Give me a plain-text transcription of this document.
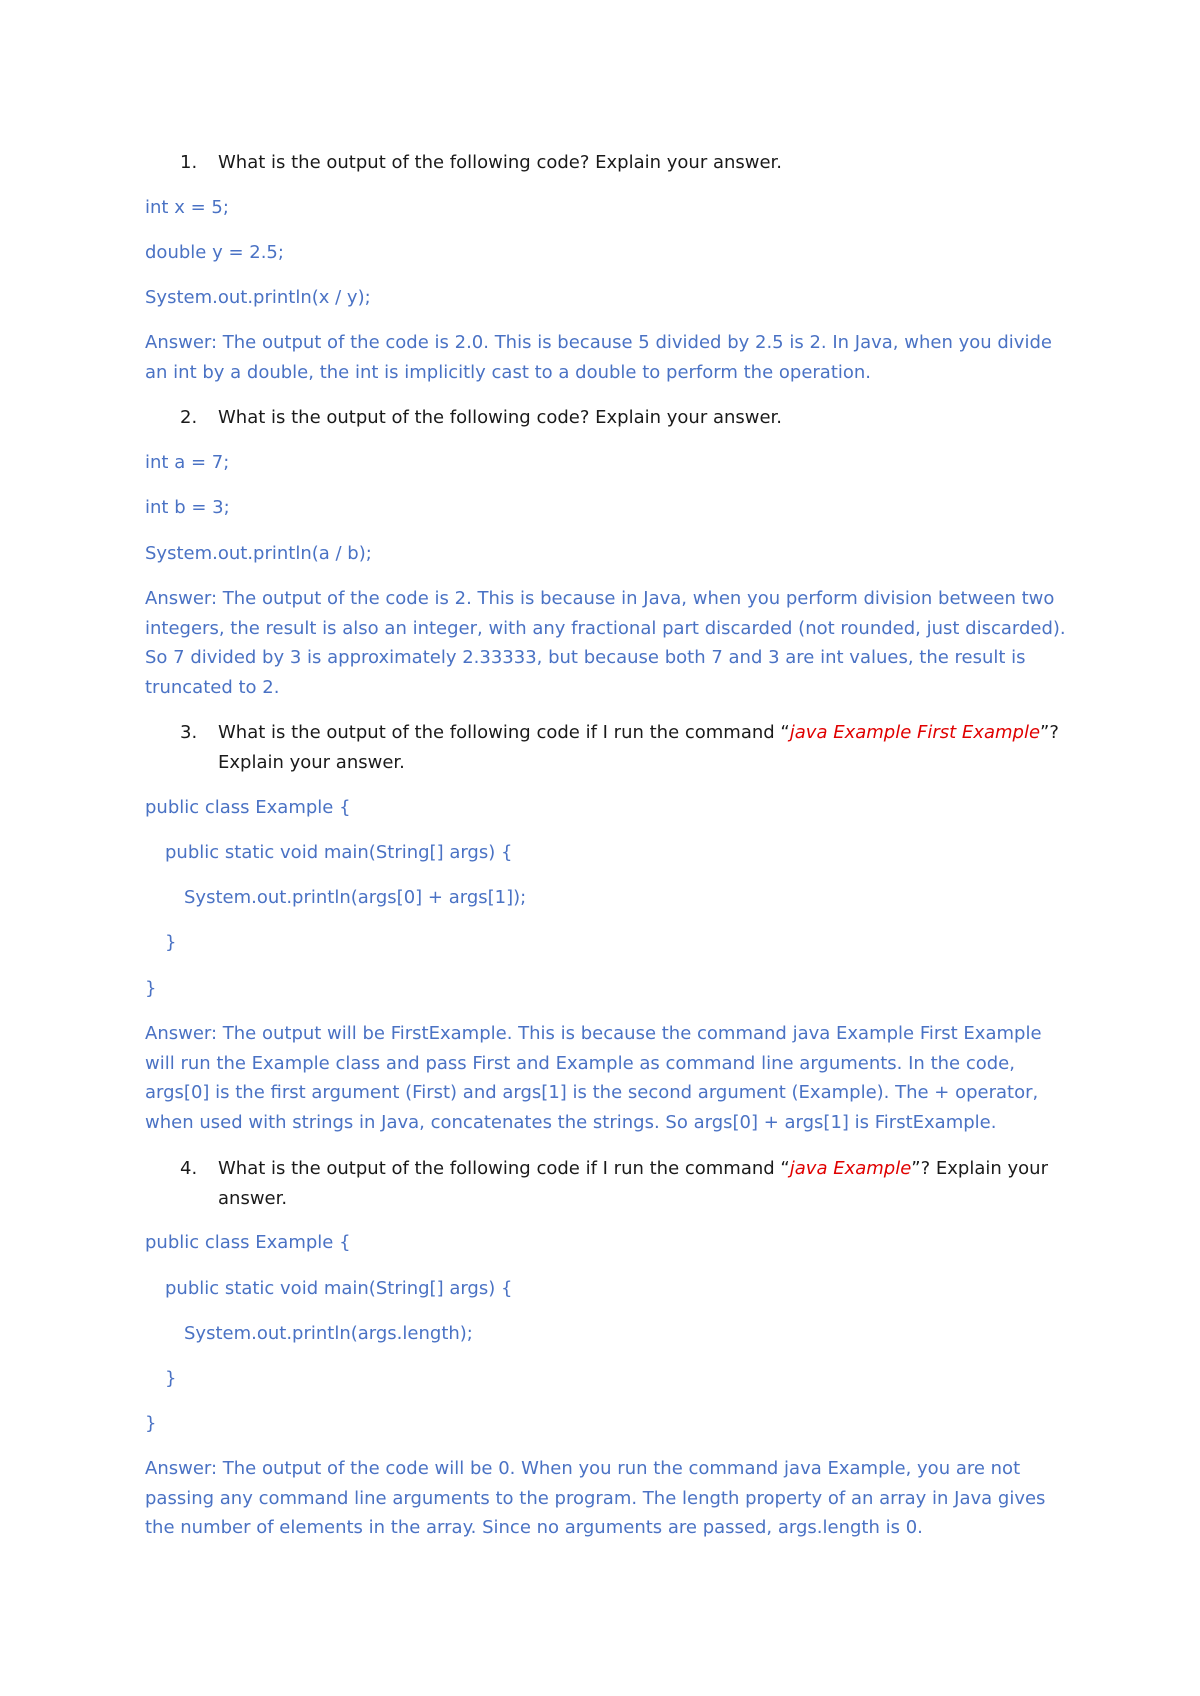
1. What is the output of the following code? Explain your answer.

int x = 5;

double y = 2.5;

System.out.println(x / y);

Answer: The output of the code is 2.0. This is because 5 divided by 2.5 is 2. In Java, when you divide
an int by a double, the int is implicitly cast to a double to perform the operation.
2. What is the output of the following code? Explain your answer.

int a = 7;

int b = 3;

System.out.println(a / b);

Answer: The output of the code is 2. This is because in Java, when you perform division between two
integers, the result is also an integer, with any fractional part discarded (not rounded, just discarded).
So 7 divided by 3 is approximately 2.33333, but because both 7 and 3 are int values, the result is
truncated to 2.
3. What is the output of the following code if I run the command “java Example First Example”?
Explain your answer.

public class Example {

public static void main(String[] args) {

System.out.println(args[0] + args[1]);

}

}

Answer: The output will be FirstExample. This is because the command java Example First Example
will run the Example class and pass First and Example as command line arguments. In the code,
args[0] is the first argument (First) and args[1] is the second argument (Example). The + operator,
when used with strings in Java, concatenates the strings. So args[0] + args[1] is FirstExample.
4. What is the output of the following code if I run the command “java Example”? Explain your
answer.

public class Example {

public static void main(String[] args) {

System.out.println(args.length);

}

}

Answer: The output of the code will be 0. When you run the command java Example, you are not
passing any command line arguments to the program. The length property of an array in Java gives
the number of elements in the array. Since no arguments are passed, args.length is 0.
